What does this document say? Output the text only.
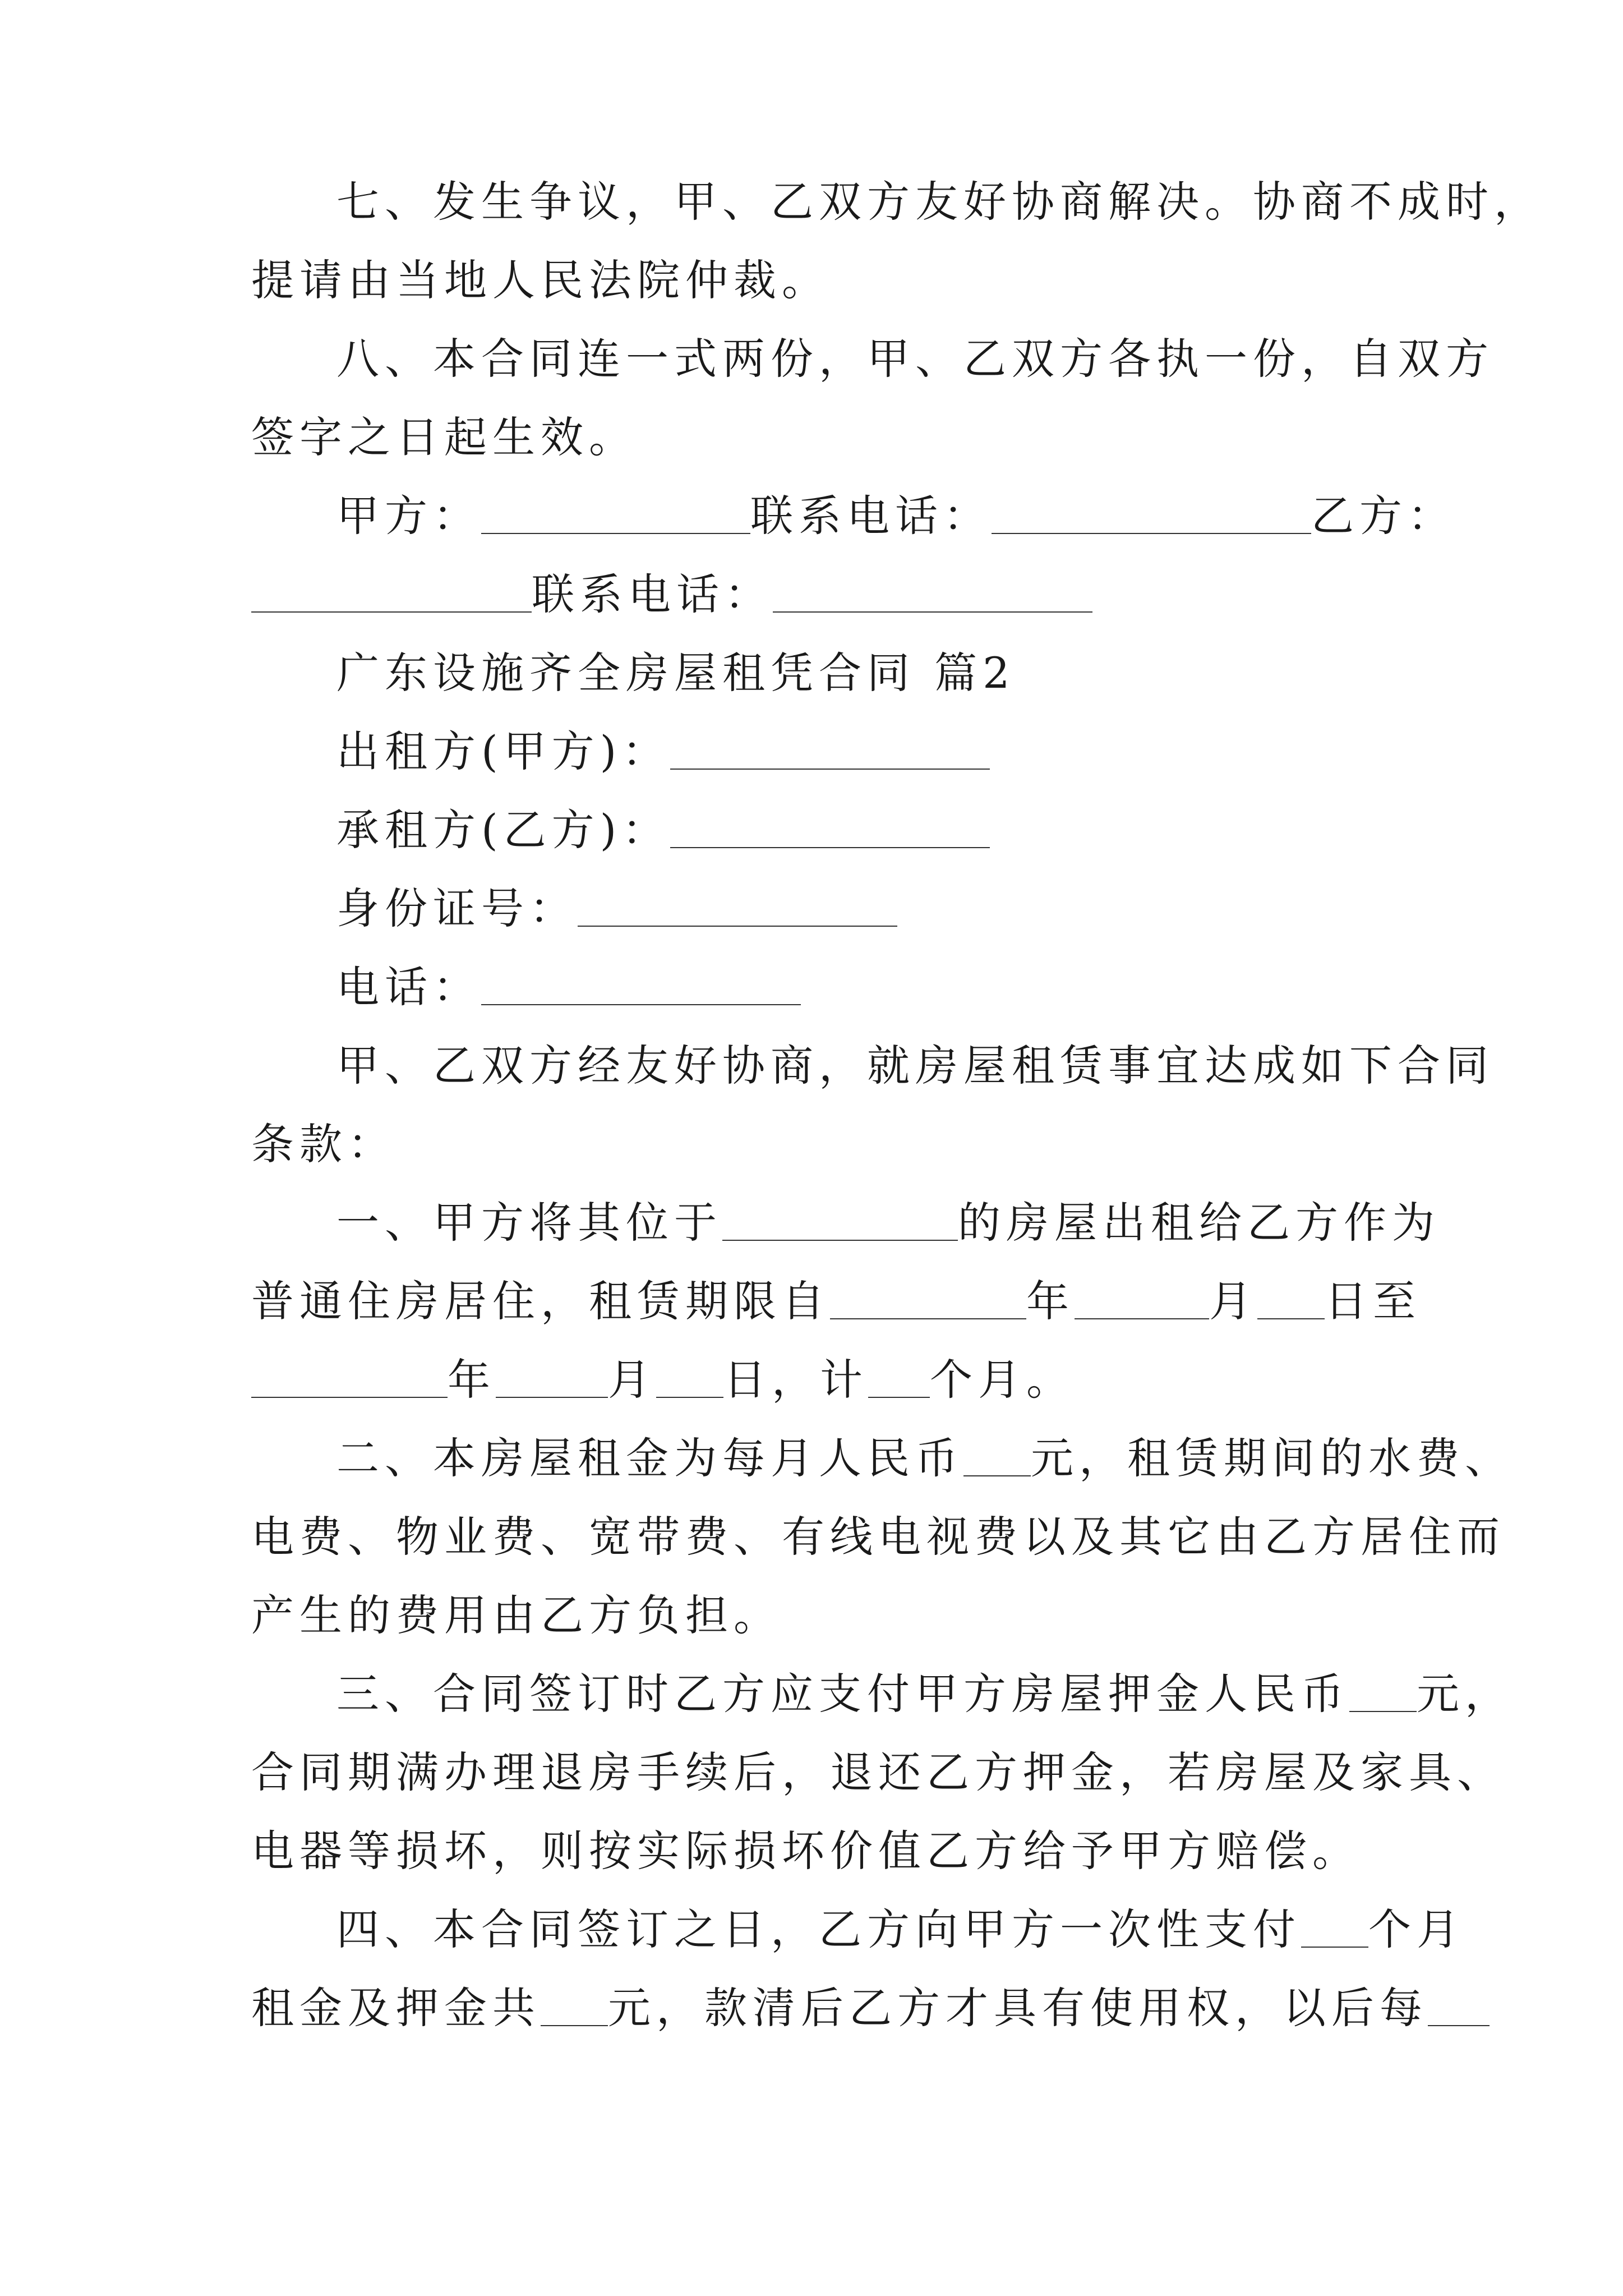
七、发生争议，甲、乙双方友好协商解决。协商不成时，
提请由当地人民法院仲裁。
八、本合同连一式两份，甲、乙双方各执一份，自双方
签字之日起生效。
甲方：	联系电话：	乙方：
联系电话：
广东设施齐全房屋租凭合同 篇2
出租方(甲方)：
承租方(乙方)：
身份证号：
电话：
甲、乙双方经友好协商，就房屋租赁事宜达成如下合同
条款：
一、甲方将其位于	的房屋出租给乙方作为
普通住房居住，租赁期限自	年	月 日至
年	月 日，计 个月。
二、本房屋租金为每月人民币 元，租赁期间的水费、
电费、物业费、宽带费、有线电视费以及其它由乙方居住而
产生的费用由乙方负担。
三、合同签订时乙方应支付甲方房屋押金人民币 元，
合同期满办理退房手续后，退还乙方押金，若房屋及家具、
电器等损坏，则按实际损坏价值乙方给予甲方赔偿。
四、本合同签订之日，乙方向甲方一次性支付 个月
租金及押金共 元，款清后乙方才具有使用权，以后每
